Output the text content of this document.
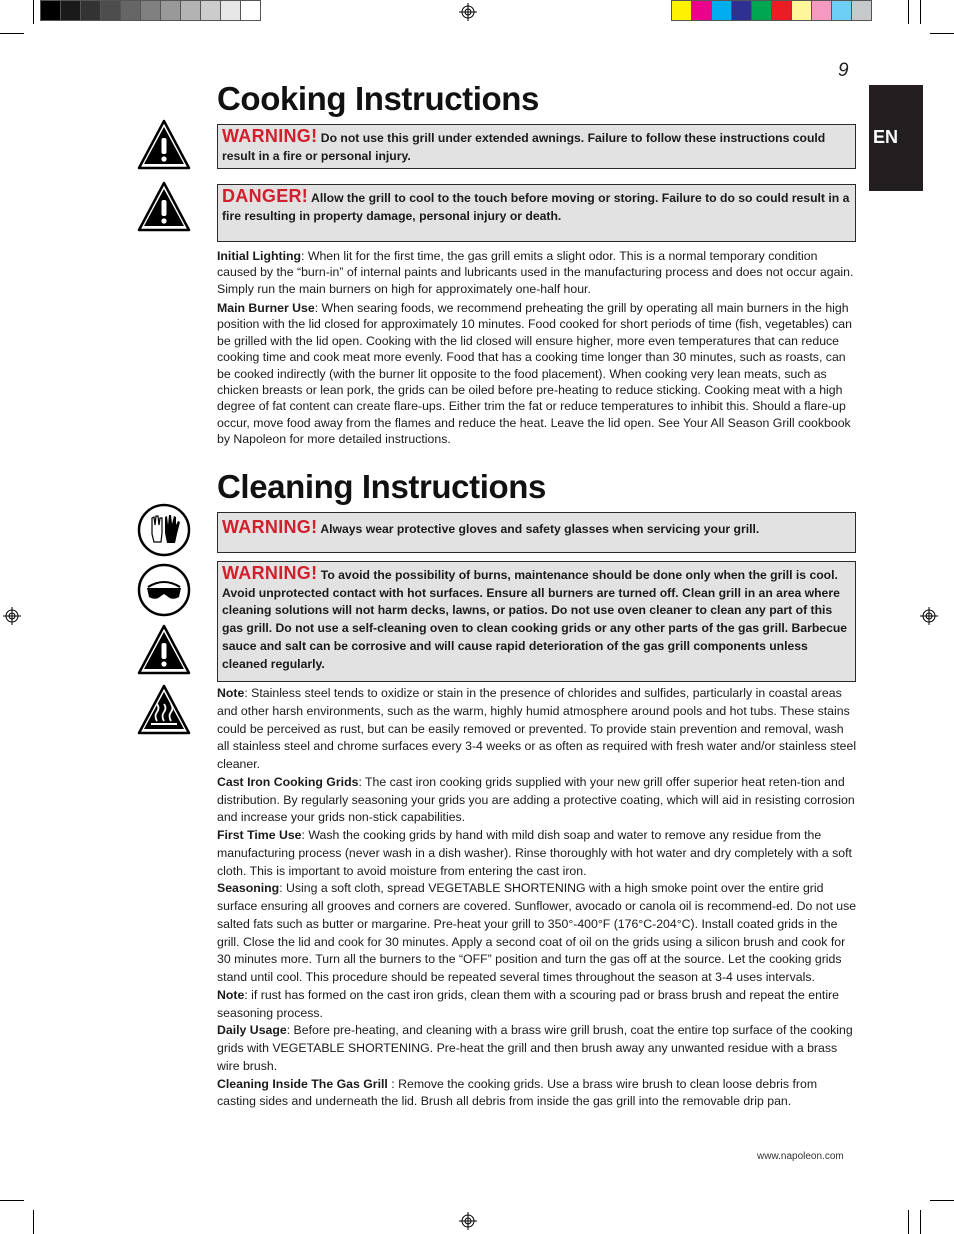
9
EN
Cooking Instructions
WARNING! Do not use this grill under extended awnings. Failure to follow these instructions could result in a fire or personal injury.
DANGER! Allow the grill to cool to the touch before moving or storing. Failure to do so could result in a fire resulting in property damage, personal injury or death.

Initial Lighting: When lit for the first time, the gas grill emits a slight odor. This is a normal temporary condition caused by the “burn-in” of internal paints and lubricants used in the manufacturing process and does not occur again. Simply run the main burners on high for approximately one-half hour.

Main Burner Use: When searing foods, we recommend preheating the grill by operating all main burners in the high position with the lid closed for approximately 10 minutes. Food cooked for short periods of time (fish, vegetables) can be grilled with the lid open. Cooking with the lid closed will ensure higher, more even temperatures that can reduce cooking time and cook meat more evenly. Food that has a cooking time longer than 30 minutes, such as roasts, can be cooked indirectly (with the burner lit opposite to the food placement). When cooking very lean meats, such as chicken breasts or lean pork, the grids can be oiled before pre-heating to reduce sticking. Cooking meat with a high degree of fat content can create flare-ups. Either trim the fat or reduce temperatures to inhibit this. Should a flare-up occur, move food away from the flames and reduce the heat. Leave the lid open. See Your All Season Grill cookbook by Napoleon for more detailed instructions.

Cleaning Instructions
WARNING! Always wear protective gloves and safety glasses when servicing your grill.
WARNING! To avoid the possibility of burns, maintenance should be done only when the grill is cool. Avoid unprotected contact with hot surfaces. Ensure all burners are turned off. Clean grill in an area where cleaning solutions will not harm decks, lawns, or patios. Do not use oven cleaner to clean any part of this gas grill. Do not use a self-cleaning oven to clean cooking grids or any other parts of the gas grill. Barbecue sauce and salt can be corrosive and will cause rapid deterioration of the gas grill components unless cleaned regularly.
Note: Stainless steel tends to oxidize or stain in the presence of chlorides and sulfides, particularly in coastal areas and other harsh environments, such as the warm, highly humid atmosphere around pools and hot tubs. These stains could be perceived as rust, but can be easily removed or prevented. To provide stain prevention and removal, wash all stainless steel and chrome surfaces every 3-4 weeks or as often as required with fresh water and/or stainless steel cleaner.
Cast Iron Cooking Grids: The cast iron cooking grids supplied with your new grill offer superior heat reten-tion and distribution. By regularly seasoning your grids you are adding a protective coating, which will aid in resisting corrosion and increase your grids non-stick capabilities.
First Time Use: Wash the cooking grids by hand with mild dish soap and water to remove any residue from the manufacturing process (never wash in a dish washer). Rinse thoroughly with hot water and dry completely with a soft cloth. This is important to avoid moisture from entering the cast iron.
Seasoning: Using a soft cloth, spread VEGETABLE SHORTENING with a high smoke point over the entire grid surface ensuring all grooves and corners are covered. Sunflower, avocado or canola oil is recommend-ed. Do not use salted fats such as butter or margarine. Pre-heat your grill to 350°-400°F (176°C-204°C). Install coated grids in the grill. Close the lid and cook for 30 minutes. Apply a second coat of oil on the grids using a silicon brush and cook for 30 minutes more. Turn all the burners to the “OFF” position and turn the gas off at the source. Let the cooking grids stand until cool. This procedure should be repeated several times throughout the season at 3-4 uses intervals.
Note: if rust has formed on the cast iron grids, clean them with a scouring pad or brass brush and repeat the entire seasoning process.
Daily Usage: Before pre-heating, and cleaning with a brass wire grill brush, coat the entire top surface of the cooking grids with VEGETABLE SHORTENING. Pre-heat the grill and then brush away any unwanted residue with a brass wire brush.
Cleaning Inside The Gas Grill : Remove the cooking grids. Use a brass wire brush to clean loose debris from casting sides and underneath the lid. Brush all debris from inside the gas grill into the removable drip pan.
www.napoleon.com
